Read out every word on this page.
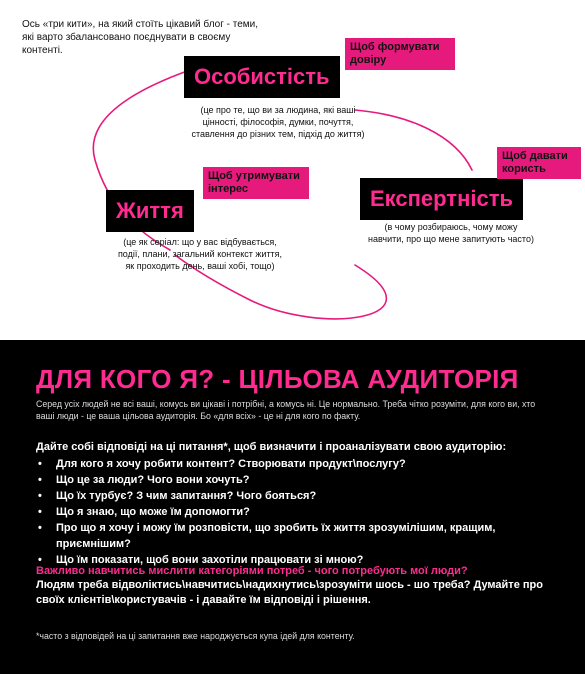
Ось «три кити», на який стоїть цікавий блог - теми, які варто збалансовано поєднувати в своєму контенті.
Особистість
Щоб формувати
довіру
(це про те, що ви за людина, які ваші
цінності, філософія, думки, почуття,
ставлення до різних тем, підхід до життя)
Експертність
Щоб давати
користь
(в чому розбираюсь, чому можу
навчити, про що мене запитують часто)
Життя
Щоб утримувати
інтерес
(це як серіал: що у вас відбувається,
події, плани, загальний контекст життя,
як проходить день, ваші хобі, тощо)
ДЛЯ КОГО Я? - ЦІЛЬОВА АУДИТОРІЯ
Серед усіх людей не всі ваші, комусь ви цікаві і потрібні, а комусь ні. Це нормально. Треба чітко розуміти, для кого ви, хто ваші люди - це ваша цільова аудиторія. Бо «для всіх» - це ні для кого по факту.
Дайте собі відповіді на ці питання*, щоб визначити і проаналізувати свою аудиторію:
• Для кого я хочу робити контент? Створювати продукт\послугу?
• Що це за люди? Чого вони хочуть?
• Що їх турбує? З чим запитання? Чого бояться?
• Що я знаю, що може їм допомогти?
• Про що я хочу і можу їм розповісти, що зробить їх життя зрозумілішим, кращим, приємнішим?
• Що їм показати, щоб вони захотіли працювати зі мною?
Важливо навчитись мислити категоріями потреб - чого потребують мої люди?
Людям треба відволіктись\навчитись\надихнутись\зрозуміти шось - шо треба? Думайте про своїх клієнтів\користувачів - і давайте їм відповіді і рішення.
*часто з відповідей на ці запитання вже народжується купа ідей для контенту.
